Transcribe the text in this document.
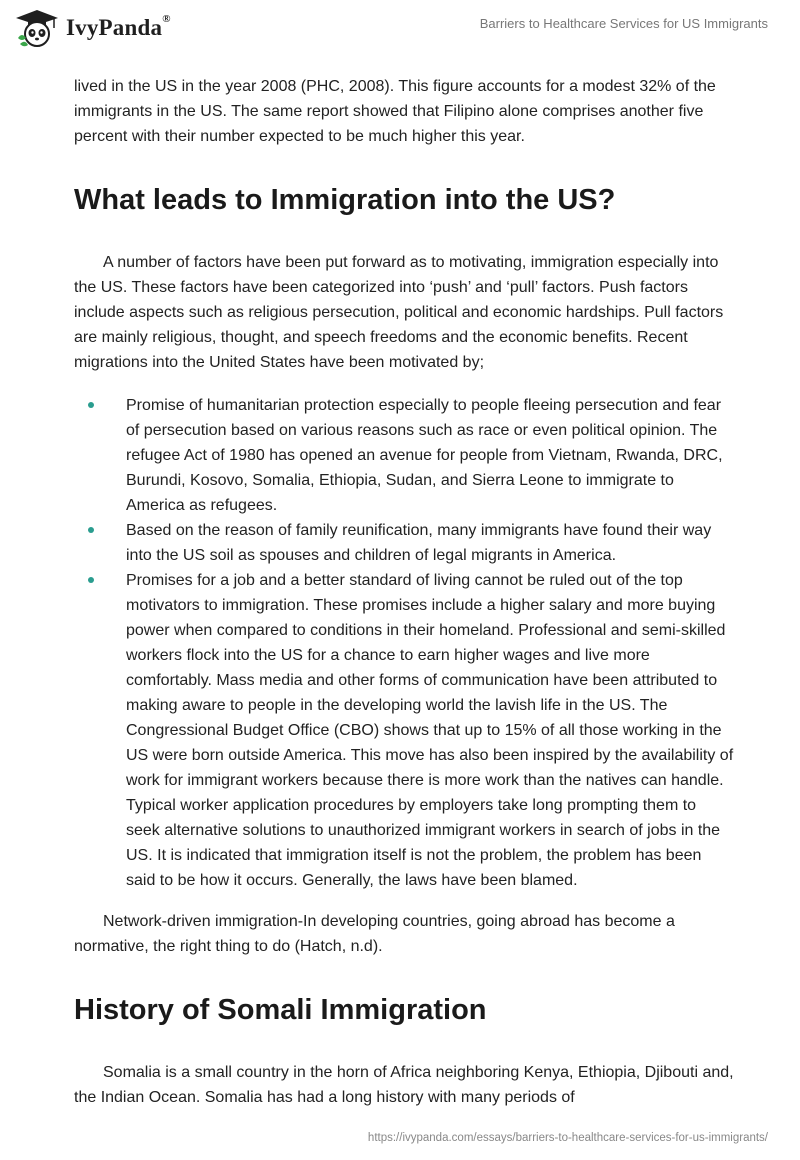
IvyPanda®	Barriers to Healthcare Services for US Immigrants

lived in the US in the year 2008 (PHC, 2008). This figure accounts for a modest 32% of the immigrants in the US. The same report showed that Filipino alone comprises another five percent with their number expected to be much higher this year.

What leads to Immigration into the US?

A number of factors have been put forward as to motivating, immigration especially into the US. These factors have been categorized into ‘push’ and ‘pull’ factors. Push factors include aspects such as religious persecution, political and economic hardships. Pull factors are mainly religious, thought, and speech freedoms and the economic benefits. Recent migrations into the United States have been motivated by;

Promise of humanitarian protection especially to people fleeing persecution and fear of persecution based on various reasons such as race or even political opinion. The refugee Act of 1980 has opened an avenue for people from Vietnam, Rwanda, DRC, Burundi, Kosovo, Somalia, Ethiopia, Sudan, and Sierra Leone to immigrate to America as refugees.
Based on the reason of family reunification, many immigrants have found their way into the US soil as spouses and children of legal migrants in America.
Promises for a job and a better standard of living cannot be ruled out of the top motivators to immigration. These promises include a higher salary and more buying power when compared to conditions in their homeland. Professional and semi-skilled workers flock into the US for a chance to earn higher wages and live more comfortably. Mass media and other forms of communication have been attributed to making aware to people in the developing world the lavish life in the US. The Congressional Budget Office (CBO) shows that up to 15% of all those working in the US were born outside America. This move has also been inspired by the availability of work for immigrant workers because there is more work than the natives can handle. Typical worker application procedures by employers take long prompting them to seek alternative solutions to unauthorized immigrant workers in search of jobs in the US. It is indicated that immigration itself is not the problem, the problem has been said to be how it occurs. Generally, the laws have been blamed.

Network-driven immigration-In developing countries, going abroad has become a normative, the right thing to do (Hatch, n.d).

History of Somali Immigration

Somalia is a small country in the horn of Africa neighboring Kenya, Ethiopia, Djibouti and, the Indian Ocean. Somalia has had a long history with many periods of

https://ivypanda.com/essays/barriers-to-healthcare-services-for-us-immigrants/
